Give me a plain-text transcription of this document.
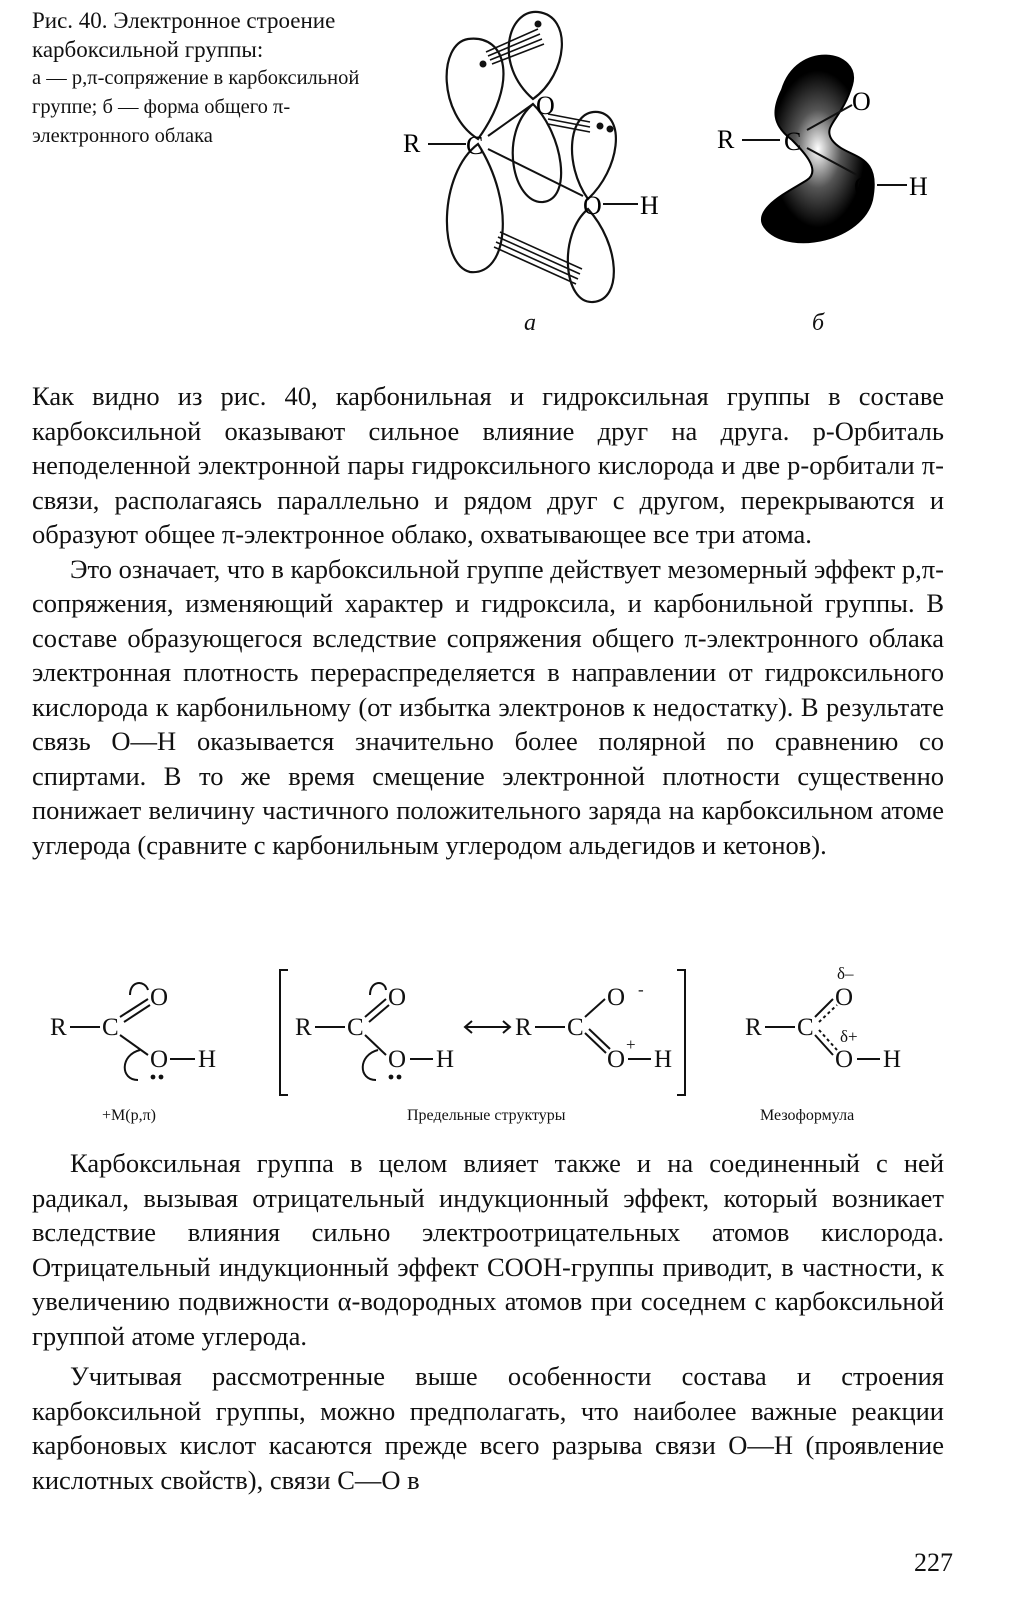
Рис. 40. Электронное строение карбоксильной группы:
а — p,π-сопряжение в карбоксильной группе; б — форма общего π-электронного облака	R C
O
O H
а
R C
O
O H
б

Как видно из рис. 40, карбонильная и гидроксильная группы в составе карбоксильной оказывают сильное влияние друг на друга. p-Орбиталь неподеленной электронной пары гидроксильного кислорода и две p-орбитали π-связи, располагаясь параллельно и рядом друг с другом, перекрываются и образуют общее π-электронное облако, охватывающее все три атома.

Это означает, что в карбоксильной группе действует мезомерный эффект p,π-сопряжения, изменяющий характер и гидроксила, и карбонильной группы. В составе образующегося вследствие сопряжения общего π-электронного облака электронная плотность перераспределяется в направлении от гидроксильного кислорода к карбонильному (от избытка электронов к недостатку). В результате связь O—H оказывается значительно более полярной по сравнению со спиртами. В то же время смещение электронной плотности существенно понижает величину частичного положительного заряда на карбоксильном атоме углерода (сравните с карбонильным углеродом альдегидов и кетонов).

R C
O
O H
R C
O
O H
R C
O
O H
R C
O
O H
-
+
δ–
δ+
+M(p,π)	Предельные структуры	Мезоформула

Карбоксильная группа в целом влияет также и на соединенный с ней радикал, вызывая отрицательный индукционный эффект, который возникает вследствие влияния сильно электроотрицательных атомов кислорода. Отрицательный индукционный эффект COOH-группы приводит, в частности, к увеличению подвижности α-водородных атомов при соседнем с карбоксильной группой атоме углерода.

Учитывая рассмотренные выше особенности состава и строения карбоксильной группы, можно предполагать, что наиболее важные реакции карбоновых кислот касаются прежде всего разрыва связи O—H (проявление кислотных свойств), связи C—O в

227
